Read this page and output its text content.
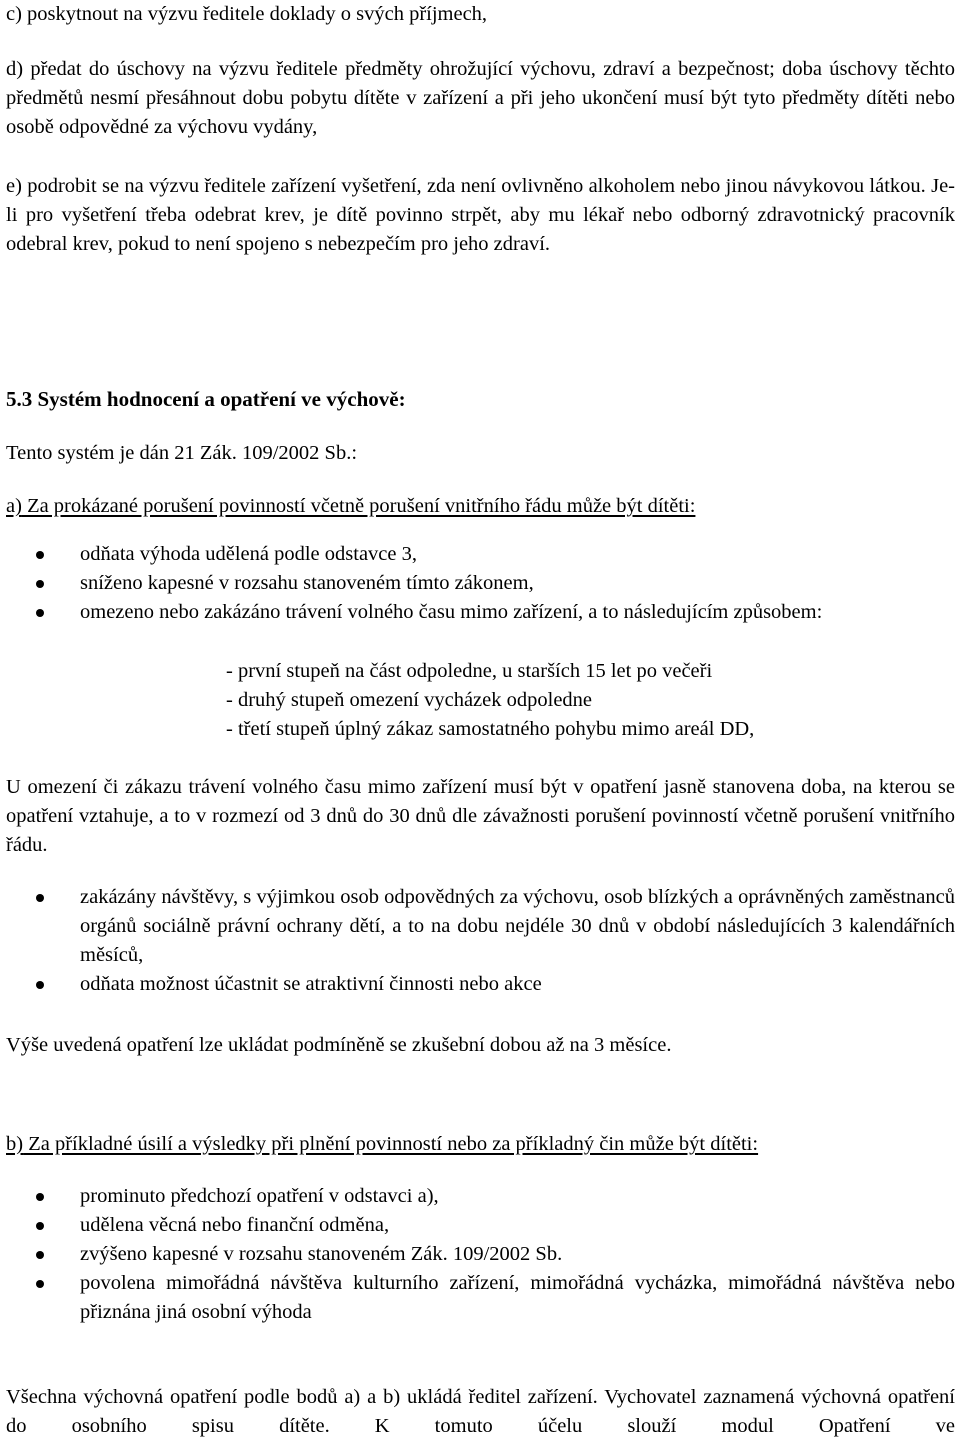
c) poskytnout na výzvu ředitele doklady o svých příjmech,

d) předat do úschovy na výzvu ředitele předměty ohrožující výchovu, zdraví a bezpečnost; doba úschovy těchto předmětů nesmí přesáhnout dobu pobytu dítěte v zařízení a při jeho ukončení musí být tyto předměty dítěti nebo osobě odpovědné za výchovu vydány,

e) podrobit se na výzvu ředitele zařízení vyšetření, zda není ovlivněno alkoholem nebo jinou návykovou látkou. Je-li pro vyšetření třeba odebrat krev, je dítě povinno strpět, aby mu lékař nebo odborný zdravotnický pracovník odebral krev, pokud to není spojeno s nebezpečím pro jeho zdraví.

5.3 Systém hodnocení a opatření ve výchově:

Tento systém je dán 21 Zák. 109/2002 Sb.:

a) Za prokázané porušení povinností včetně porušení vnitřního řádu může být dítěti:

odňata výhoda udělená podle odstavce 3,
sníženo kapesné v rozsahu stanoveném tímto zákonem,
omezeno nebo zakázáno trávení volného času mimo zařízení, a to následujícím způsobem:
- první stupeň na část odpoledne, u starších 15 let po večeři
- druhý stupeň omezení vycházek odpoledne
- třetí stupeň úplný zákaz samostatného pohybu mimo areál DD,

U omezení či zákazu trávení volného času mimo zařízení musí být v opatření jasně stanovena doba, na kterou se opatření vztahuje, a to v rozmezí od 3 dnů do 30 dnů dle závažnosti porušení povinností včetně porušení vnitřního řádu.

zakázány návštěvy, s výjimkou osob odpovědných za výchovu, osob blízkých a oprávněných zaměstnanců orgánů sociálně právní ochrany dětí, a to na dobu nejdéle 30 dnů v období následujících 3 kalendářních měsíců,
odňata možnost účastnit se atraktivní činnosti nebo akce

Výše uvedená opatření lze ukládat podmíněně se zkušební dobou až na 3 měsíce.

b) Za příkladné úsilí a výsledky při plnění povinností nebo za příkladný čin může být dítěti:

prominuto předchozí opatření v odstavci a),
udělena věcná nebo finanční odměna,
zvýšeno kapesné v rozsahu stanoveném Zák. 109/2002 Sb.
povolena mimořádná návštěva kulturního zařízení, mimořádná vycházka, mimořádná návštěva nebo přiznána jiná osobní výhoda

Všechna výchovná opatření podle bodů a) a b) ukládá ředitel zařízení. Vychovatel zaznamená výchovná opatření do osobního spisu dítěte. K tomuto účelu slouží modul Opatření ve
